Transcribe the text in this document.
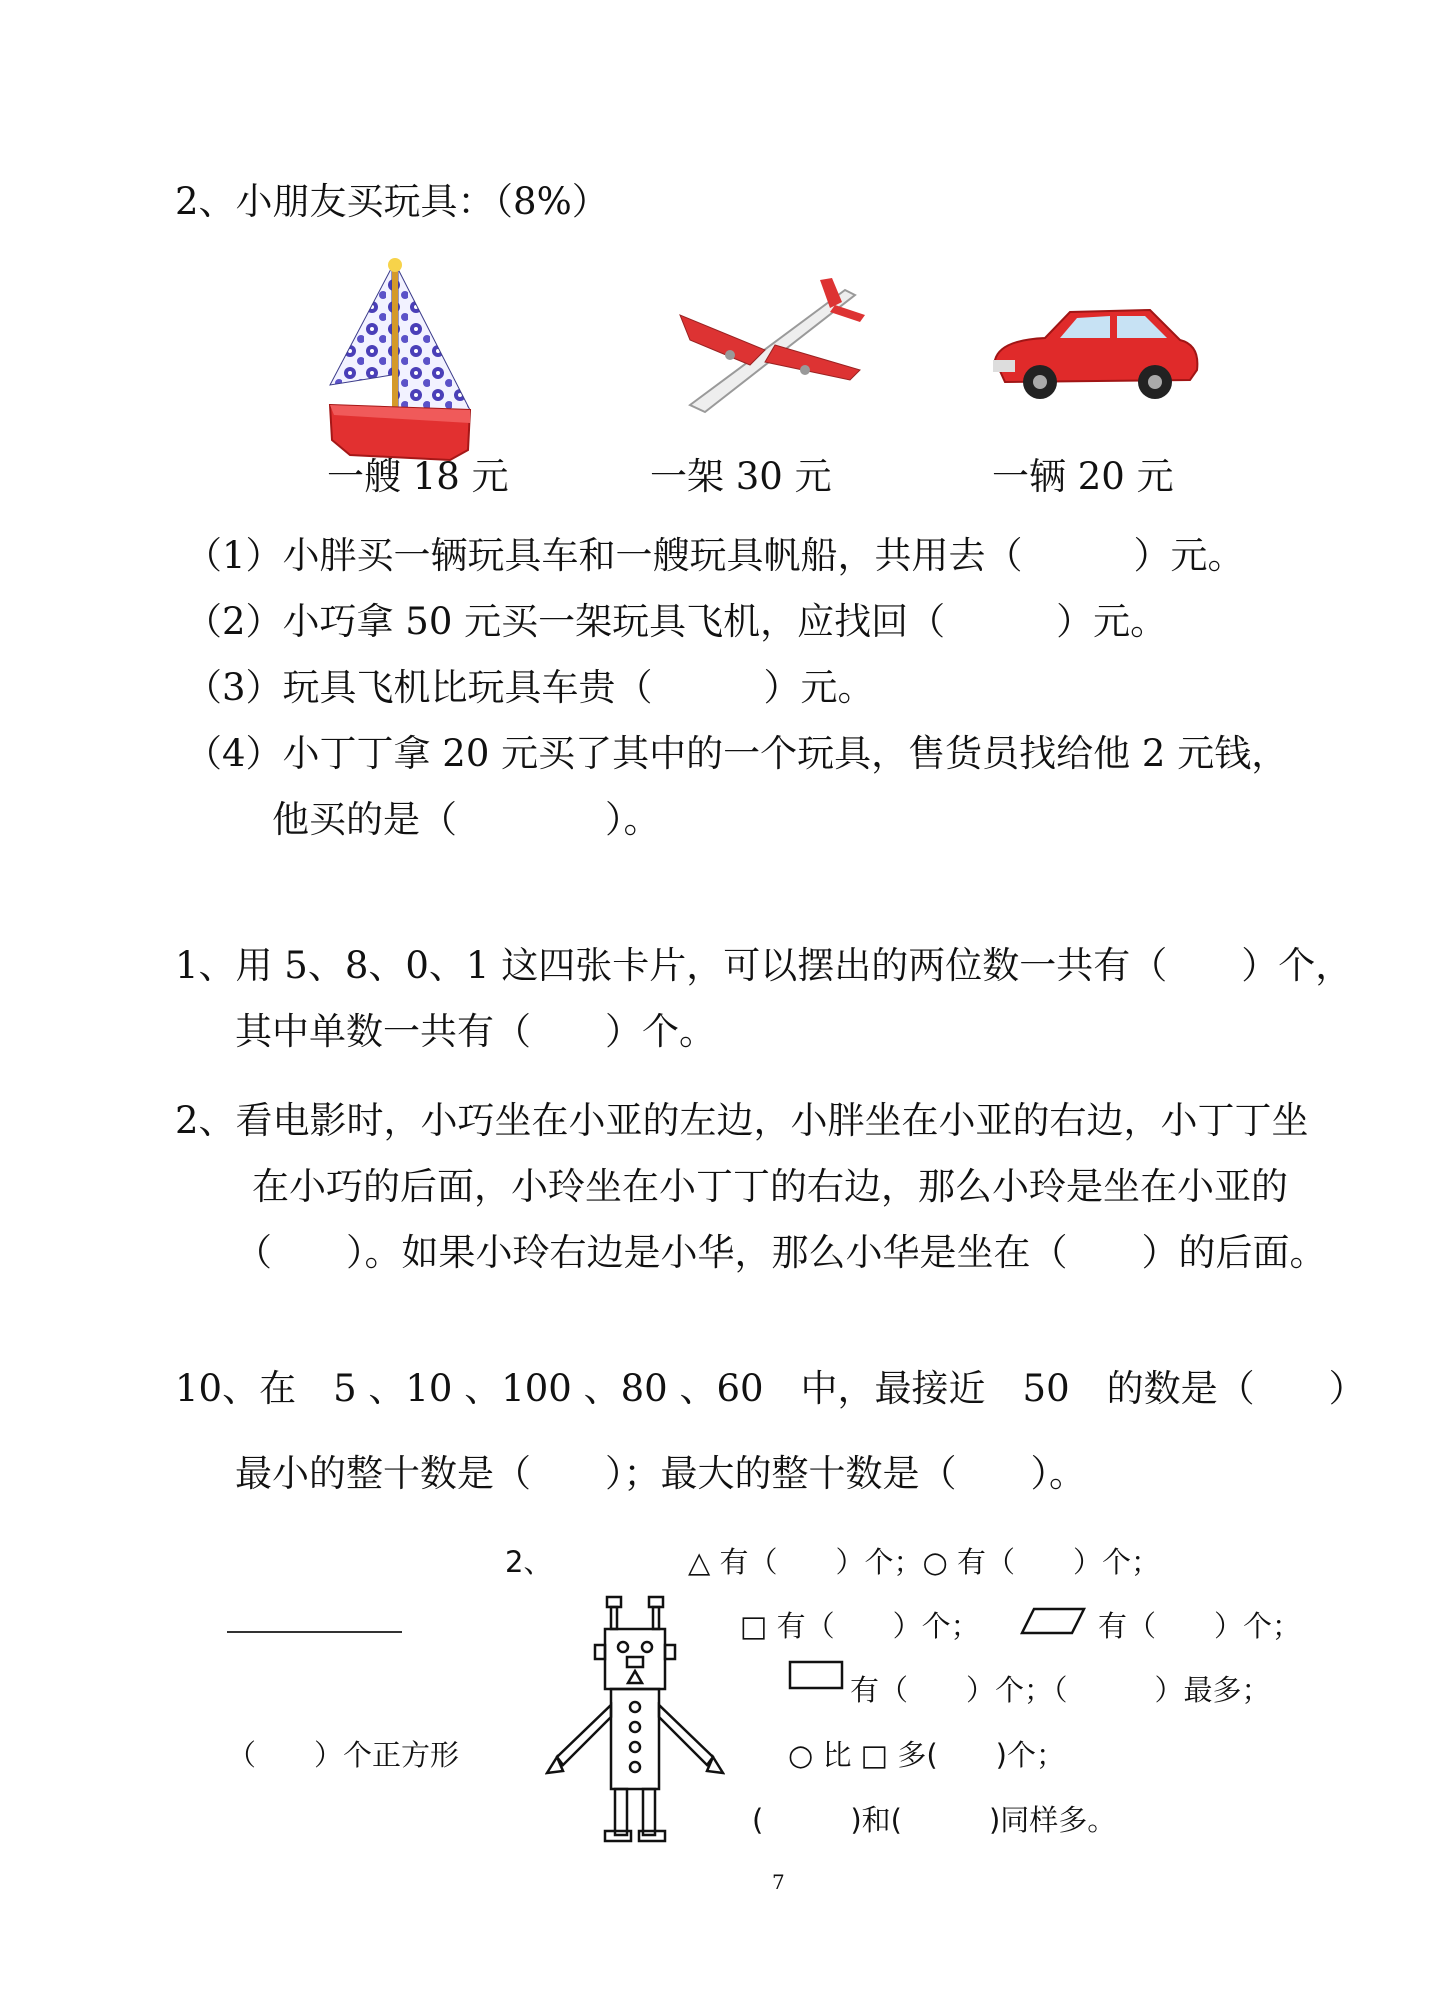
2、小朋友买玩具：（8%）
一艘 18 元	一架 30 元	一辆 20 元
（1）小胖买一辆玩具车和一艘玩具帆船，共用去（　　　）元。
（2）小巧拿 50 元买一架玩具飞机，应找回（　　　）元。
（3）玩具飞机比玩具车贵（　　　）元。
（4）小丁丁拿 20 元买了其中的一个玩具，售货员找给他 2 元钱，
他买的是（　　　　）。
1、用 5、8、0、1 这四张卡片，可以摆出的两位数一共有（　　）个，
其中单数一共有（　　）个。
2、看电影时，小巧坐在小亚的左边，小胖坐在小亚的右边，小丁丁坐
在小巧的后面，小玲坐在小丁丁的右边，那么小玲是坐在小亚的
（　　）。如果小玲右边是小华，那么小华是坐在（　　）的后面。
10、在　5 、10 、100 、80 、60　中，最接近　50　的数是（　　）
最小的整十数是（　　）；最大的整十数是（　　）。
2、	△ 有（　　）个；○ 有（　　）个；
□ 有（　　）个；	有（　　）个；
有（　　）个；（　　　）最多；
（　　）个正方形	○ 比 □ 多(　　)个；
(　　　)和(　　　)同样多。
7
